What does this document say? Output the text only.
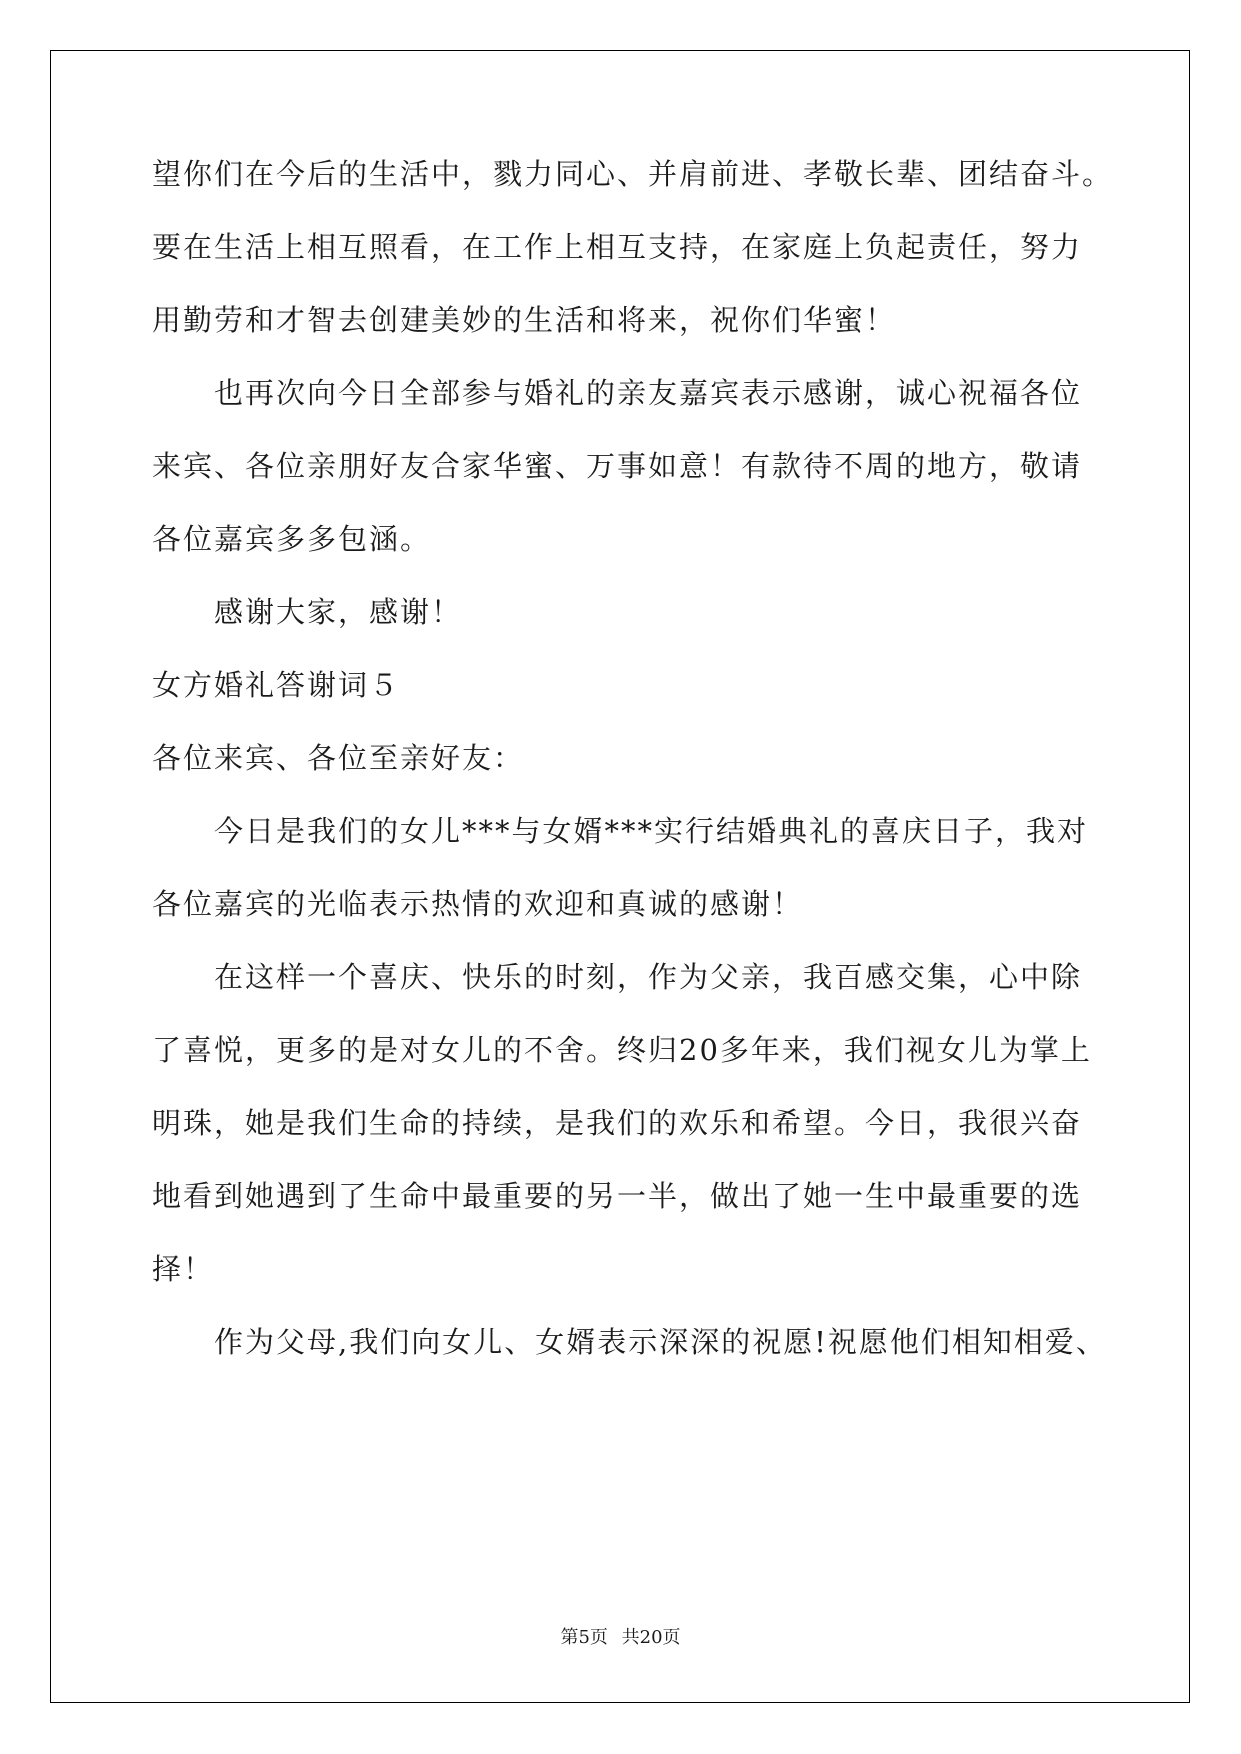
望你们在今后的生活中，戮力同心、并肩前进、孝敬长辈、团结奋斗。

要在生活上相互照看，在工作上相互支持，在家庭上负起责任，努力

用勤劳和才智去创建美妙的生活和将来，祝你们华蜜！

也再次向今日全部参与婚礼的亲友嘉宾表示感谢，诚心祝福各位

来宾、各位亲朋好友合家华蜜、万事如意！有款待不周的地方，敬请

各位嘉宾多多包涵。

感谢大家，感谢！

女方婚礼答谢词５

各位来宾、各位至亲好友：

今日是我们的女儿***与女婿***实行结婚典礼的喜庆日子，我对

各位嘉宾的光临表示热情的欢迎和真诚的感谢！

在这样一个喜庆、快乐的时刻，作为父亲，我百感交集，心中除

了喜悦，更多的是对女儿的不舍。终归20多年来，我们视女儿为掌上

明珠，她是我们生命的持续，是我们的欢乐和希望。今日，我很兴奋

地看到她遇到了生命中最重要的另一半，做出了她一生中最重要的选

择！

作为父母,我们向女儿、女婿表示深深的祝愿!祝愿他们相知相爱、

第5页 共20页
